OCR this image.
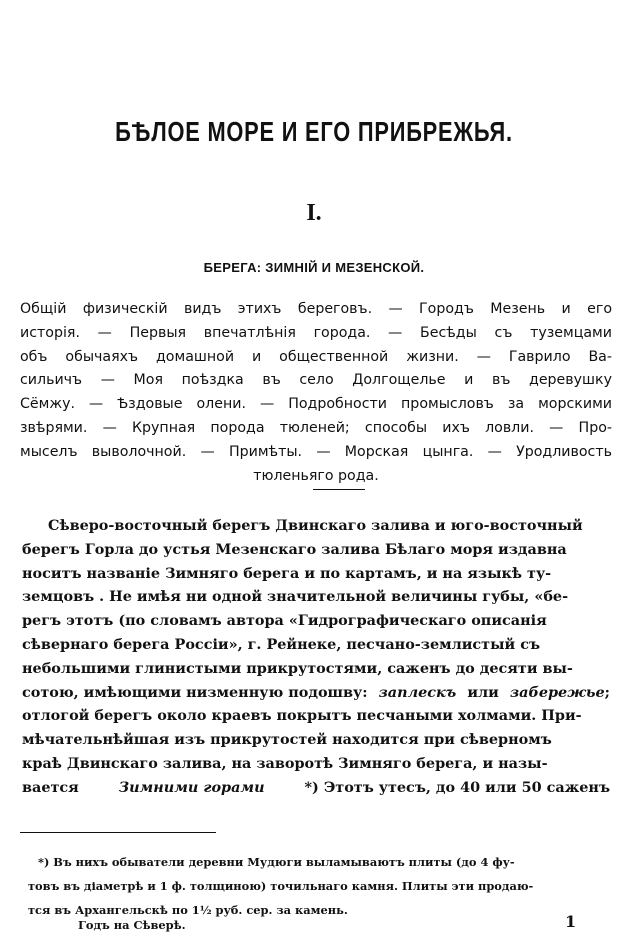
БѢЛОЕ МОРЕ И ЕГО ПРИБРЕЖЬЯ.
I.
БЕРЕГА: ЗИМНІЙ И МЕЗЕНСКОЙ.
Общій физическій видъ этихъ береговъ. — Городъ Мезень и его
исторія. — Первыя впечатлѣнія города. — Бесѣды съ туземцами
объ обычаяхъ домашной и общественной жизни. — Гаврило Ва-
сильичъ — Моя поѣздка въ село Долгощелье и въ деревушку
Сёмжу. — Ѣздовые олени. — Подробности промысловъ за морскими
звѣрями. — Крупная порода тюленей; способы ихъ ловли. — Про-
мыселъ выволочной. — Примѣты. — Морская цынга. — Уродливость
тюленьяго рода.
Сѣверо-восточный берегъ Двинскаго залива и юго-восточный
берегъ Горла до устья Мезенскаго залива Бѣлаго моря издавна
носитъ названіе Зимняго берега и по картамъ, и на языкѣ ту-
земцовъ . Не имѣя ни одной значительной величины губы, «бе-
регъ этотъ (по словамъ автора «Гидрографическаго описанія
сѣвернаго берега Россіи», г. Рейнеке, песчано-землистый съ
небольшими глинистыми прикрутостями, саженъ до десяти вы-
сотою, имѣющими низменную подошву: заплескъ или забережье;
отлогой берегъ около краевъ покрытъ песчаными холмами. При-
мѣчательнѣйшая изъ прикрутостей находится при сѣверномъ
краѣ Двинскаго залива, на заворотѣ Зимняго берега, и назы-
вается	Зимними горами	*) Этотъ утесъ, до 40 или 50 саженъ
*) Въ нихъ обыватели деревни Мудюги выламываютъ плиты (до 4 фу-
товъ въ діаметрѣ и 1 ф. толщиною) точильнаго камня. Плиты эти продаю-
тся въ Архангельскѣ по 1½ руб. сер. за камень.
Годъ на Сѣверѣ.	1
